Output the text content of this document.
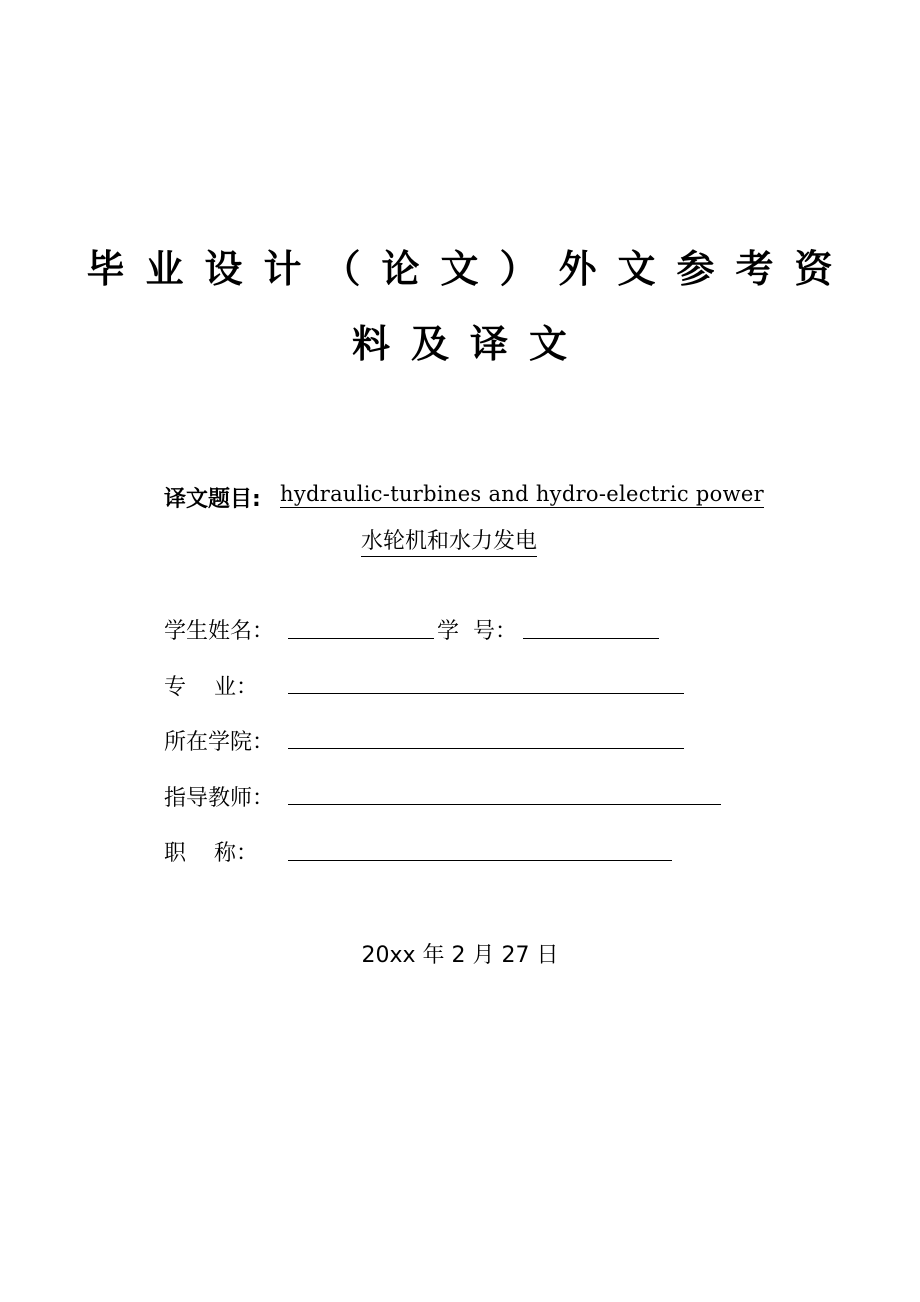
毕业设计（论文）外文参考资
料及译文
译文题目: hydraulic-turbines and hydro-electric power
水轮机和水力发电
学生姓名：	学  号：
专    业：
所在学院：
指导教师：
职    称：
20xx 年 2 月 27 日
